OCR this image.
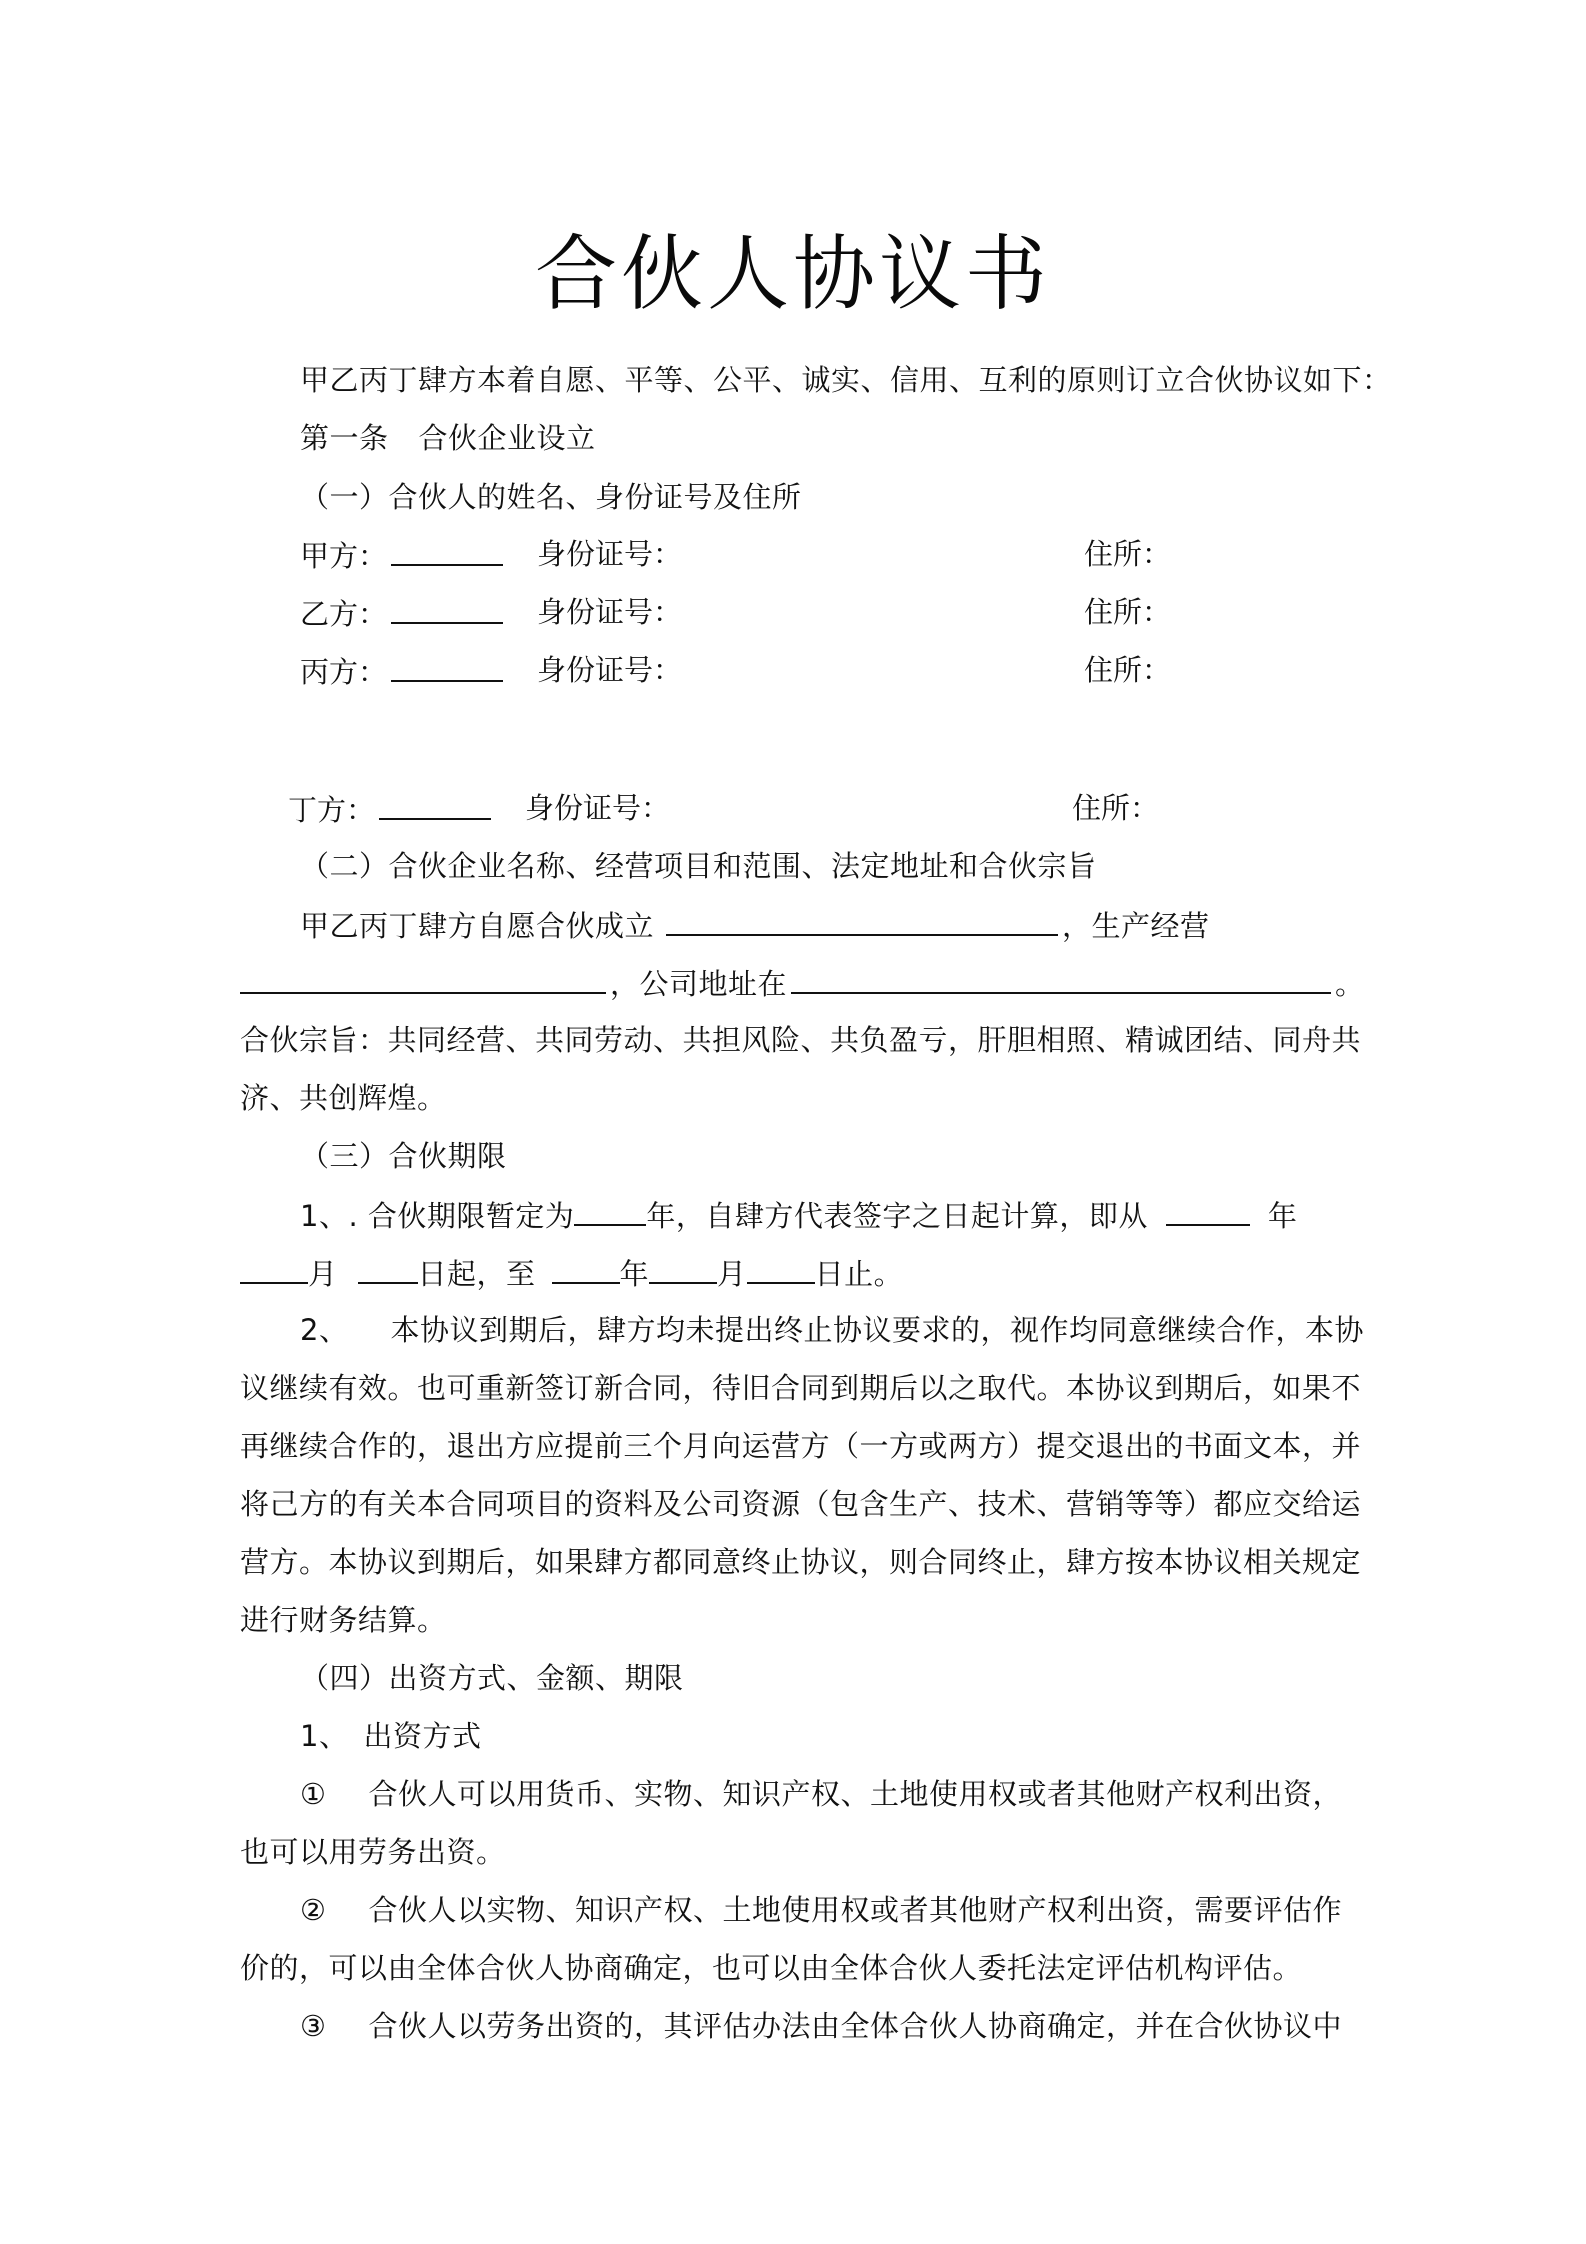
合伙人协议书
甲乙丙丁肆方本着自愿、平等、公平、诚实、信用、互利的原则订立合伙协议如下：
第一条 合伙企业设立
（一）合伙人的姓名、身份证号及住所
甲方：	身份证号：	住所：
乙方：	身份证号：	住所：
丙方：	身份证号：	住所：
丁方：	身份证号：	住所：
（二）合伙企业名称、经营项目和范围、法定地址和合伙宗旨
甲乙丙丁肆方自愿合伙成立	，生产经营
，公司地址在	。
合伙宗旨：共同经营、共同劳动、共担风险、共负盈亏，肝胆相照、精诚团结、同舟共
济、共创辉煌。
（三）合伙期限
1、. 合伙期限暂定为 年，自肆方代表签字之日起计算，即从	年
月	日起，至	年 月 日止。
2、 本协议到期后，肆方均未提出终止协议要求的，视作均同意继续合作，本协
议继续有效。也可重新签订新合同，待旧合同到期后以之取代。本协议到期后，如果不
再继续合作的，退出方应提前三个月向运营方（一方或两方）提交退出的书面文本，并
将己方的有关本合同项目的资料及公司资源（包含生产、技术、营销等等）都应交给运
营方。本协议到期后，如果肆方都同意终止协议，则合同终止，肆方按本协议相关规定
进行财务结算。
（四）出资方式、金额、期限
1、　出资方式
① 合伙人可以用货币、实物、知识产权、土地使用权或者其他财产权利出资，
也可以用劳务出资。
② 合伙人以实物、知识产权、土地使用权或者其他财产权利出资，需要评估作
价的，可以由全体合伙人协商确定，也可以由全体合伙人委托法定评估机构评估。
③ 合伙人以劳务出资的，其评估办法由全体合伙人协商确定，并在合伙协议中
